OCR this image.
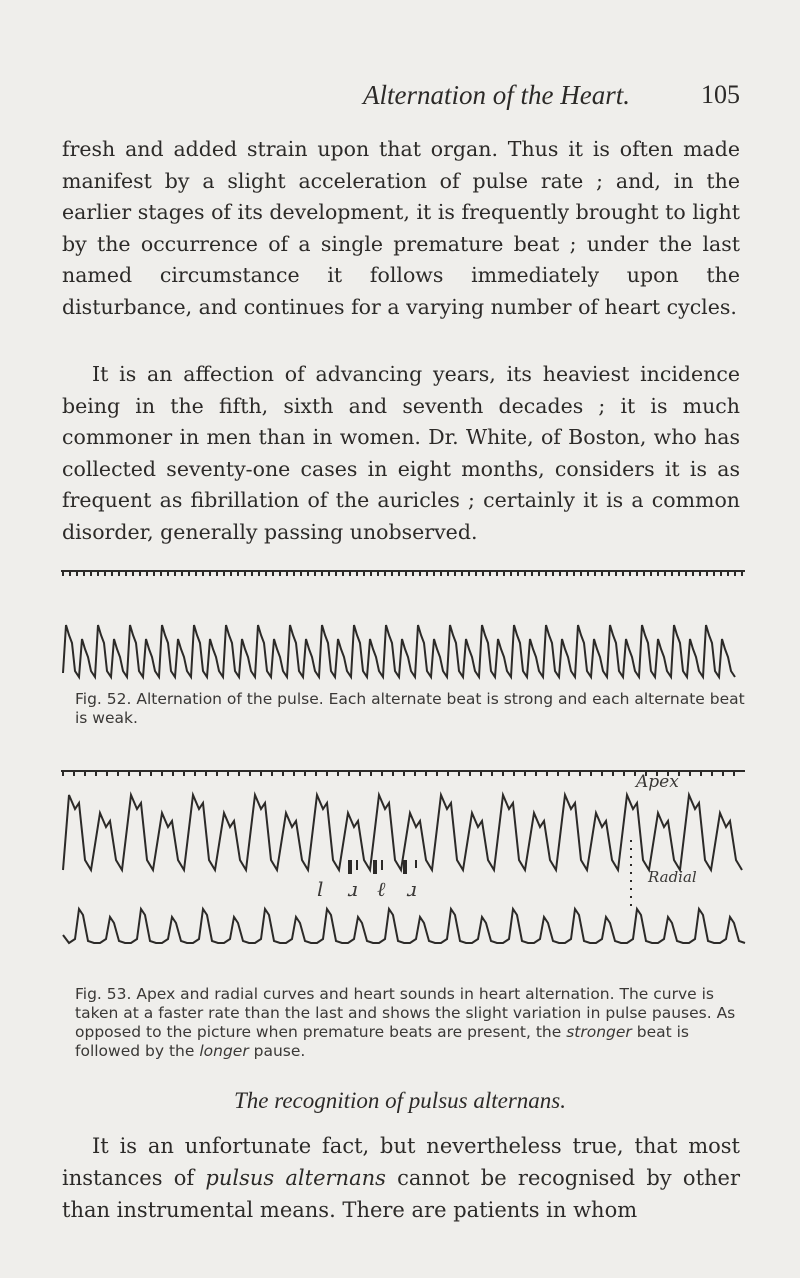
Alternation of the Heart.	105

fresh and added strain upon that organ. Thus it is often made manifest by a slight acceleration of pulse rate ; and, in the earlier stages of its development, it is frequently brought to light by the occurrence of a single premature beat ; under the last named circumstance it follows immediately upon the disturbance, and continues for a varying number of heart cycles.

It is an affection of advancing years, its heaviest incidence being in the fifth, sixth and seventh decades ; it is much commoner in men than in women. Dr. White, of Boston, who has collected seventy-one cases in eight months, considers it is as frequent as fibrillation of the auricles ; certainly it is a common disorder, generally passing unobserved.

Fig. 52. Alternation of the pulse. Each alternate beat is strong and each alternate beat is weak.

l ɹ ℓ ɹ
Apex
Radial

Fig. 53. Apex and radial curves and heart sounds in heart alternation. The curve is taken at a faster rate than the last and shows the slight variation in pulse pauses. As opposed to the picture when premature beats are present, the stronger beat is followed by the longer pause.

The recognition of pulsus alternans.

It is an unfortunate fact, but nevertheless true, that most instances of pulsus alternans cannot be recognised by other than instrumental means. There are patients in whom
